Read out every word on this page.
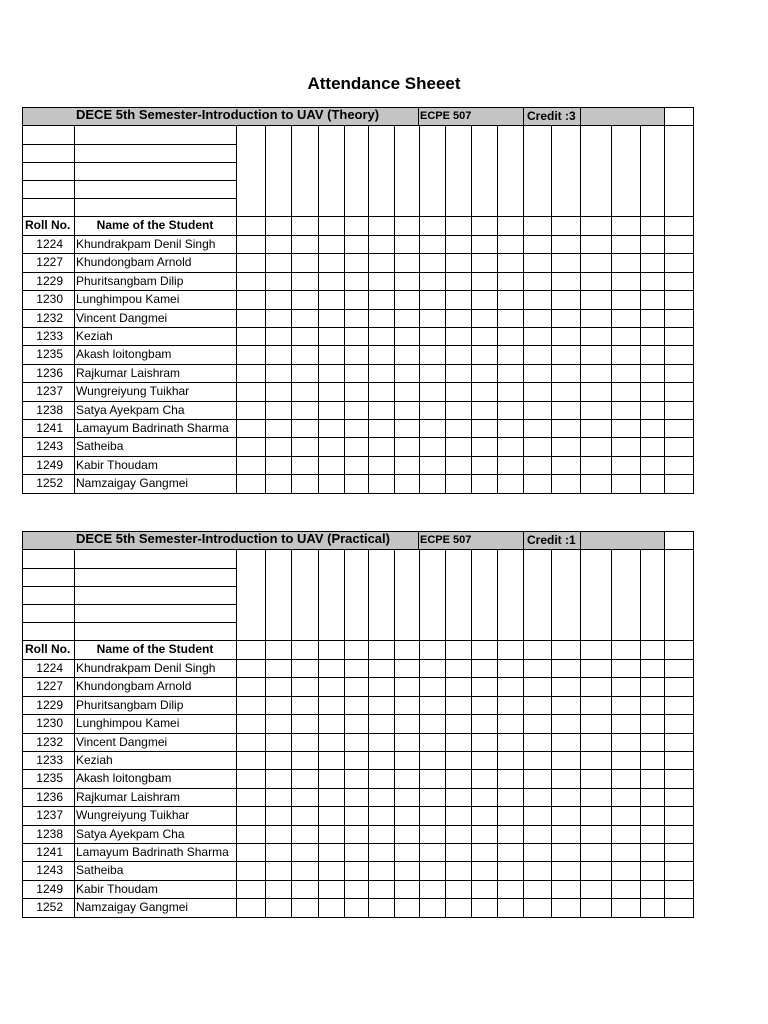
Attendance Sheeet
DECE 5th Semester-Introduction to UAV (Theory)	ECPE 507	Credit :3
Roll No.	Name of the Student
1224 Khundrakpam Denil Singh
1227 Khundongbam Arnold
1229 Phuritsangbam Dilip
1230 Lunghimpou Kamei
1232 Vincent Dangmei
1233 Keziah
1235 Akash loitongbam
1236 Rajkumar Laishram
1237 Wungreiyung Tuikhar
1238 Satya Ayekpam Cha
1241 Lamayum Badrinath Sharma
1243 Satheiba
1249 Kabir Thoudam
1252 Namzaigay Gangmei
DECE 5th Semester-Introduction to UAV (Practical)	ECPE 507	Credit :1
Roll No.	Name of the Student
1224 Khundrakpam Denil Singh
1227 Khundongbam Arnold
1229 Phuritsangbam Dilip
1230 Lunghimpou Kamei
1232 Vincent Dangmei
1233 Keziah
1235 Akash loitongbam
1236 Rajkumar Laishram
1237 Wungreiyung Tuikhar
1238 Satya Ayekpam Cha
1241 Lamayum Badrinath Sharma
1243 Satheiba
1249 Kabir Thoudam
1252 Namzaigay Gangmei
